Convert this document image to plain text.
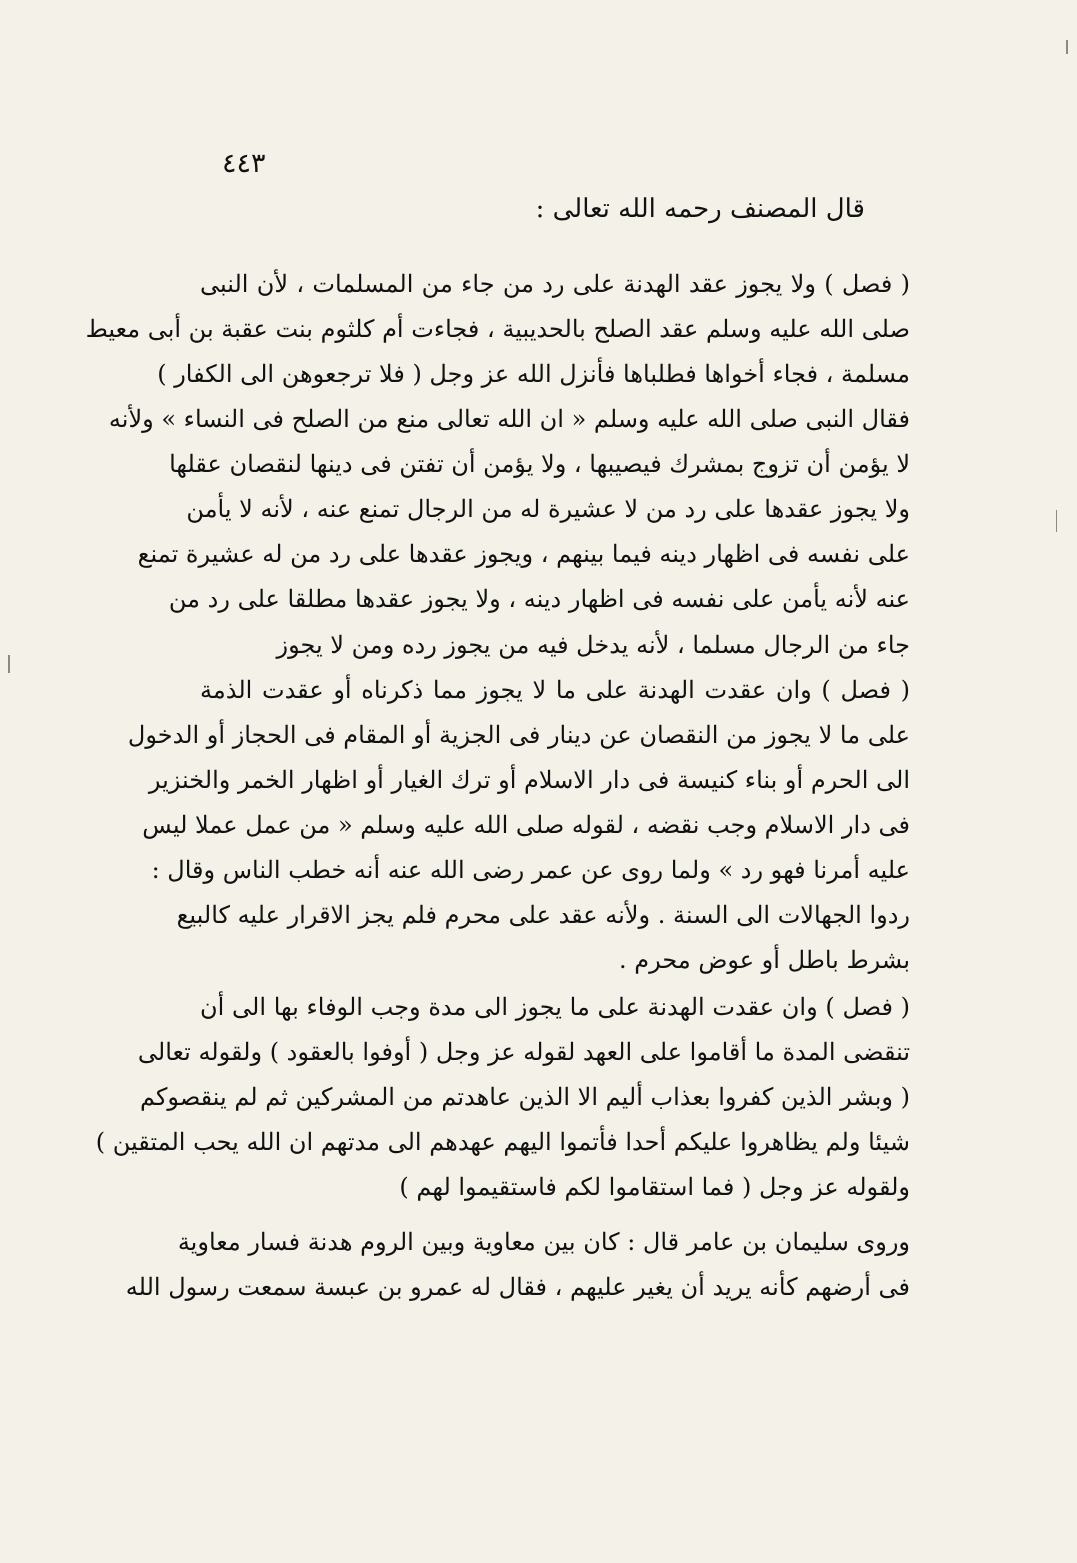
٤٤٣
قال المصنف رحمه الله تعالى :
( فصل ) ولا يجوز عقد الهدنة على رد من جاء من المسلمات ، لأن النبى
صلى الله عليه وسلم عقد الصلح بالحديبية ، فجاءت أم كلثوم بنت عقبة بن أبى معيط
مسلمة ، فجاء أخواها فطلباها فأنزل الله عز وجل ( فلا ترجعوهن الى الكفار )
فقال النبى صلى الله عليه وسلم « ان الله تعالى منع من الصلح فى النساء » ولأنه
لا يؤمن أن تزوج بمشرك فيصيبها ، ولا يؤمن أن تفتن فى دينها لنقصان عقلها
ولا يجوز عقدها على رد من لا عشيرة له من الرجال تمنع عنه ، لأنه لا يأمن
على نفسه فى اظهار دينه فيما بينهم ، ويجوز عقدها على رد من له عشيرة تمنع
عنه لأنه يأمن على نفسه فى اظهار دينه ، ولا يجوز عقدها مطلقا على رد من
جاء من الرجال مسلما ، لأنه يدخل فيه من يجوز رده ومن لا يجوز
( فصل ) وان عقدت الهدنة على ما لا يجوز مما ذكرناه أو عقدت الذمة
على ما لا يجوز من النقصان عن دينار فى الجزية أو المقام فى الحجاز أو الدخول
الى الحرم أو بناء كنيسة فى دار الاسلام أو ترك الغيار أو اظهار الخمر والخنزير
فى دار الاسلام وجب نقضه ، لقوله صلى الله عليه وسلم « من عمل عملا ليس
عليه أمرنا فهو رد » ولما روى عن عمر رضى الله عنه أنه خطب الناس وقال :
ردوا الجهالات الى السنة . ولأنه عقد على محرم فلم يجز الاقرار عليه كالبيع
بشرط باطل أو عوض محرم .
( فصل ) وان عقدت الهدنة على ما يجوز الى مدة وجب الوفاء بها الى أن
تنقضى المدة ما أقاموا على العهد لقوله عز وجل ( أوفوا بالعقود ) ولقوله تعالى
( وبشر الذين كفروا بعذاب أليم الا الذين عاهدتم من المشركين ثم لم ينقصوكم
شيئا ولم يظاهروا عليكم أحدا فأتموا اليهم عهدهم الى مدتهم ان الله يحب المتقين )
ولقوله عز وجل ( فما استقاموا لكم فاستقيموا لهم )
وروى سليمان بن عامر قال : كان بين معاوية وبين الروم هدنة فسار معاوية
فى أرضهم كأنه يريد أن يغير عليهم ، فقال له عمرو بن عبسة سمعت رسول الله
